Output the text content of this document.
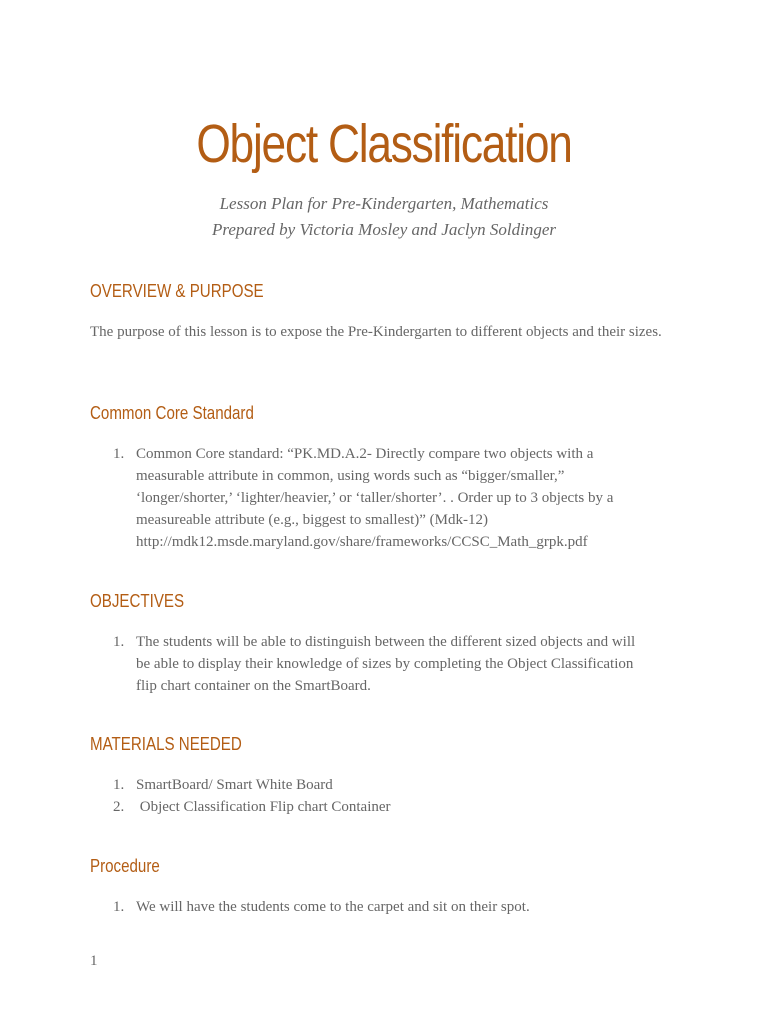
Object Classification
Lesson Plan for Pre-Kindergarten, Mathematics
Prepared by Victoria Mosley and Jaclyn Soldinger
OVERVIEW & PURPOSE
The purpose of this lesson is to expose the Pre-Kindergarten to different objects and their sizes.
Common Core Standard
1. Common Core standard: “PK.MD.A.2- Directly compare two objects with a measurable attribute in common, using words such as “bigger/smaller,” ‘longer/shorter,’ ‘lighter/heavier,’ or ‘taller/shorter’. . Order up to 3 objects by a measureable attribute (e.g., biggest to smallest)” (Mdk-12) http://mdk12.msde.maryland.gov/share/frameworks/CCSC_Math_grpk.pdf
OBJECTIVES
1. The students will be able to distinguish between the different sized objects and will be able to display their knowledge of sizes by completing the Object Classification flip chart container on the SmartBoard.
MATERIALS NEEDED
1. SmartBoard/ Smart White Board
2. Object Classification Flip chart Container
Procedure
1. We will have the students come to the carpet and sit on their spot.
1
